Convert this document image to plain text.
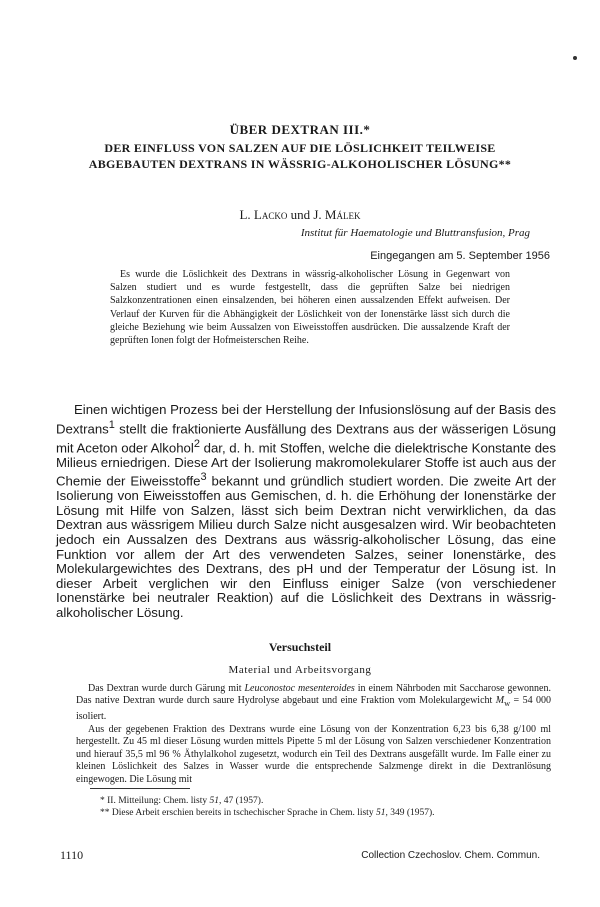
ÜBER DEXTRAN III.*
DER EINFLUSS VON SALZEN AUF DIE LÖSLICHKEIT TEILWEISE ABGEBAUTEN DEXTRANS IN WÄSSRIG-ALKOHOLISCHER LÖSUNG**
L. Lacko und J. Málek
Institut für Haematologie und Bluttransfusion, Prag
Eingegangen am 5. September 1956
Es wurde die Löslichkeit des Dextrans in wässrig-alkoholischer Lösung in Gegenwart von Salzen studiert und es wurde festgestellt, dass die geprüften Salze bei niedrigen Salzkonzentrationen einen einsalzenden, bei höheren einen aussalzenden Effekt aufweisen. Der Verlauf der Kurven für die Abhängigkeit der Löslichkeit von der Ionenstärke lässt sich durch die gleiche Beziehung wie beim Aussalzen von Eiweisstoffen ausdrücken. Die aussalzende Kraft der geprüften Ionen folgt der Hofmeisterschen Reihe.
Einen wichtigen Prozess bei der Herstellung der Infusionslösung auf der Basis des Dextrans$^1$ stellt die fraktionierte Ausfällung des Dextrans aus der wässerigen Lösung mit Aceton oder Alkohol$^2$ dar, d. h. mit Stoffen, welche die dielektrische Konstante des Milieus erniedrigen. Diese Art der Isolierung makromolekularer Stoffe ist auch aus der Chemie der Eiweisstoffe$^3$ bekannt und gründlich studiert worden. Die zweite Art der Isolierung von Eiweisstoffen aus Gemischen, d. h. die Erhöhung der Ionenstärke der Lösung mit Hilfe von Salzen, lässt sich beim Dextran nicht verwirklichen, da das Dextran aus wässrigem Milieu durch Salze nicht ausgesalzen wird. Wir beobachteten jedoch ein Aussalzen des Dextrans aus wässrig-alkoholischer Lösung, das eine Funktion vor allem der Art des verwendeten Salzes, seiner Ionenstärke, des Molekulargewichtes des Dextrans, des pH und der Temperatur der Lösung ist. In dieser Arbeit verglichen wir den Einfluss einiger Salze (von verschiedener Ionenstärke bei neutraler Reaktion) auf die Löslichkeit des Dextrans in wässrig-alkoholischer Lösung.
Versuchsteil
Material und Arbeitsvorgang
Das Dextran wurde durch Gärung mit Leuconostoc mesenteroides in einem Nährboden mit Saccharose gewonnen. Das native Dextran wurde durch saure Hydrolyse abgebaut und eine Fraktion vom Molekulargewicht $M_w = 54$ 000 isoliert.
Aus der gegebenen Fraktion des Dextrans wurde eine Lösung von der Konzentration 6,23 bis 6,38 g/100 ml hergestellt. Zu 45 ml dieser Lösung wurden mittels Pipette 5 ml der Lösung von Salzen verschiedener Konzentration und hierauf 35,5 ml 96 % Äthylalkohol zugesetzt, wodurch ein Teil des Dextrans ausgefällt wurde. Im Falle einer zu kleinen Löslichkeit des Salzes in Wasser wurde die entsprechende Salzmenge direkt in die Dextranlösung eingewogen. Die Lösung mit
* II. Mitteilung: Chem. listy 51, 47 (1957).
** Diese Arbeit erschien bereits in tschechischer Sprache in Chem. listy 51, 349 (1957).
1110	Collection Czechoslov. Chem. Commun.
